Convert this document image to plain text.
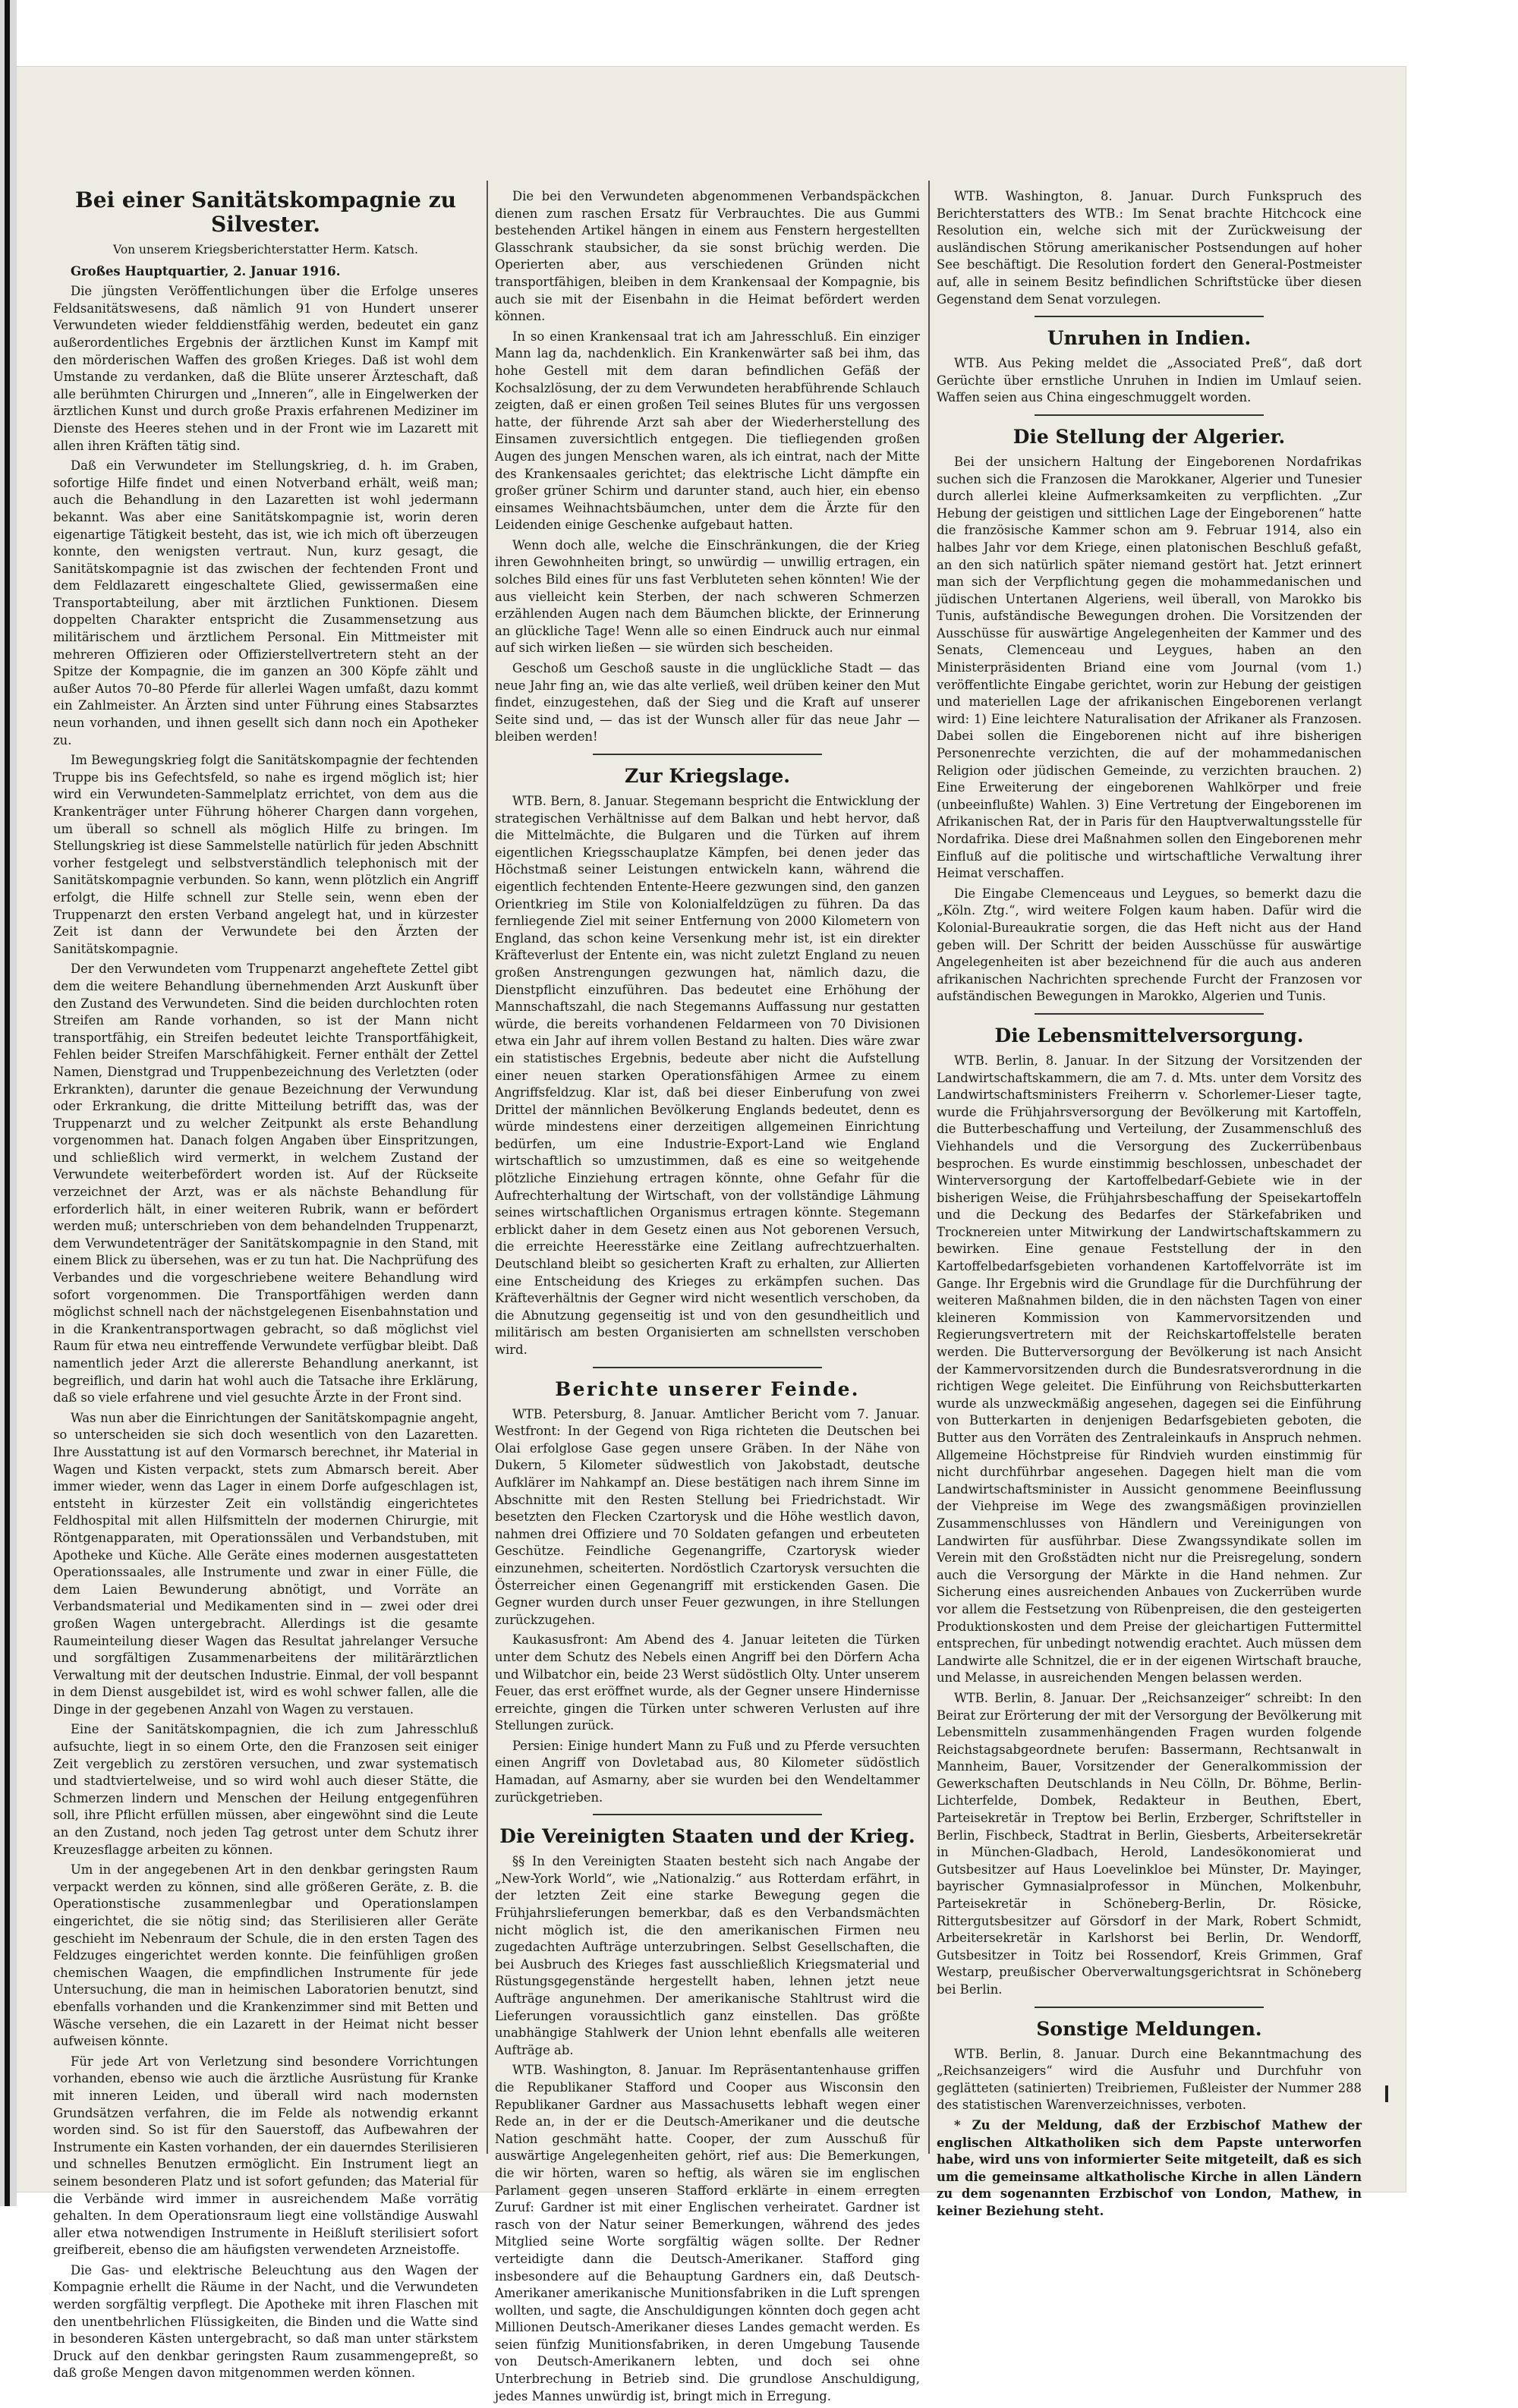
Bei einer Sanitätskompagnie zu Silvester.
Von unserem Kriegsberichterstatter Herm. Katsch.

Großes Hauptquartier, 2. Januar 1916.

Die jüngsten Veröffentlichungen über die Erfolge unseres Feldsanitätswesens, daß nämlich 91 von Hundert unserer Verwundeten wieder felddienstfähig werden, bedeutet ein ganz außerordentliches Ergebnis der ärztlichen Kunst im Kampf mit den mörderischen Waffen des großen Krieges. Daß ist wohl dem Umstande zu verdanken, daß die Blüte unserer Ärzteschaft, daß alle berühmten Chirurgen und „Inneren“, alle in Eingelwerken der ärztlichen Kunst und durch große Praxis erfahrenen Mediziner im Dienste des Heeres stehen und in der Front wie im Lazarett mit allen ihren Kräften tätig sind.

Daß ein Verwundeter im Stellungskrieg, d. h. im Graben, sofortige Hilfe findet und einen Notverband erhält, weiß man; auch die Behandlung in den Lazaretten ist wohl jedermann bekannt. Was aber eine Sanitätskompagnie ist, worin deren eigenartige Tätigkeit besteht, das ist, wie ich mich oft überzeugen konnte, den wenigsten vertraut. Nun, kurz gesagt, die Sanitätskompagnie ist das zwischen der fechtenden Front und dem Feldlazarett eingeschaltete Glied, gewissermaßen eine Transportabteilung, aber mit ärztlichen Funktionen. Diesem doppelten Charakter entspricht die Zusammensetzung aus militärischem und ärztlichem Personal. Ein Mittmeister mit mehreren Offizieren oder Offizierstellvertretern steht an der Spitze der Kompagnie, die im ganzen an 300 Köpfe zählt und außer Autos 70–80 Pferde für allerlei Wagen umfaßt, dazu kommt ein Zahlmeister. An Ärzten sind unter Führung eines Stabsarztes neun vorhanden, und ihnen gesellt sich dann noch ein Apotheker zu.

Im Bewegungskrieg folgt die Sanitätskompagnie der fechtenden Truppe bis ins Gefechtsfeld, so nahe es irgend möglich ist; hier wird ein Verwundeten-Sammelplatz errichtet, von dem aus die Krankenträger unter Führung höherer Chargen dann vorgehen, um überall so schnell als möglich Hilfe zu bringen. Im Stellungskrieg ist diese Sammelstelle natürlich für jeden Abschnitt vorher festgelegt und selbstverständlich telephonisch mit der Sanitätskompagnie verbunden. So kann, wenn plötzlich ein Angriff erfolgt, die Hilfe schnell zur Stelle sein, wenn eben der Truppenarzt den ersten Verband angelegt hat, und in kürzester Zeit ist dann der Verwundete bei den Ärzten der Sanitätskompagnie.

Der den Verwundeten vom Truppenarzt angeheftete Zettel gibt dem die weitere Behandlung übernehmenden Arzt Auskunft über den Zustand des Verwundeten. Sind die beiden durchlochten roten Streifen am Rande vorhanden, so ist der Mann nicht transportfähig, ein Streifen bedeutet leichte Transportfähigkeit, Fehlen beider Streifen Marschfähigkeit. Ferner enthält der Zettel Namen, Dienstgrad und Truppenbezeichnung des Verletzten (oder Erkrankten), darunter die genaue Bezeichnung der Verwundung oder Erkrankung, die dritte Mitteilung betrifft das, was der Truppenarzt und zu welcher Zeitpunkt als erste Behandlung vorgenommen hat. Danach folgen Angaben über Einspritzungen, und schließlich wird vermerkt, in welchem Zustand der Verwundete weiterbefördert worden ist. Auf der Rückseite verzeichnet der Arzt, was er als nächste Behandlung für erforderlich hält, in einer weiteren Rubrik, wann er befördert werden muß; unterschrieben von dem behandelnden Truppenarzt, dem Verwundetenträger der Sanitätskompagnie in den Stand, mit einem Blick zu übersehen, was er zu tun hat. Die Nachprüfung des Verbandes und die vorgeschriebene weitere Behandlung wird sofort vorgenommen. Die Transportfähigen werden dann möglichst schnell nach der nächstgelegenen Eisenbahnstation und in die Krankentransportwagen gebracht, so daß möglichst viel Raum für etwa neu eintreffende Verwundete verfügbar bleibt. Daß namentlich jeder Arzt die allererste Behandlung anerkannt, ist begreiflich, und darin hat wohl auch die Tatsache ihre Erklärung, daß so viele erfahrene und viel gesuchte Ärzte in der Front sind.

Was nun aber die Einrichtungen der Sanitätskompagnie angeht, so unterscheiden sie sich doch wesentlich von den Lazaretten. Ihre Ausstattung ist auf den Vormarsch berechnet, ihr Material in Wagen und Kisten verpackt, stets zum Abmarsch bereit. Aber immer wieder, wenn das Lager in einem Dorfe aufgeschlagen ist, entsteht in kürzester Zeit ein vollständig eingerichtetes Feldhospital mit allen Hilfsmitteln der modernen Chirurgie, mit Röntgenapparaten, mit Operationssälen und Verbandstuben, mit Apotheke und Küche. Alle Geräte eines modernen ausgestatteten Operationssaales, alle Instrumente und zwar in einer Fülle, die dem Laien Bewunderung abnötigt, und Vorräte an Verbandsmaterial und Medikamenten sind in — zwei oder drei großen Wagen untergebracht. Allerdings ist die gesamte Raumeinteilung dieser Wagen das Resultat jahrelanger Versuche und sorgfältigen Zusammenarbeitens der militärärztlichen Verwaltung mit der deutschen Industrie. Einmal, der voll bespannt in dem Dienst ausgebildet ist, wird es wohl schwer fallen, alle die Dinge in der gegebenen Anzahl von Wagen zu verstauen.

Eine der Sanitätskompagnien, die ich zum Jahresschluß aufsuchte, liegt in so einem Orte, den die Franzosen seit einiger Zeit vergeblich zu zerstören versuchen, und zwar systematisch und stadtviertelweise, und so wird wohl auch dieser Stätte, die Schmerzen lindern und Menschen der Heilung entgegenführen soll, ihre Pflicht erfüllen müssen, aber eingewöhnt sind die Leute an den Zustand, noch jeden Tag getrost unter dem Schutz ihrer Kreuzesflagge arbeiten zu können.

Um in der angegebenen Art in den denkbar geringsten Raum verpackt werden zu können, sind alle größeren Geräte, z. B. die Operationstische zusammenlegbar und Operationslampen eingerichtet, die sie nötig sind; das Sterilisieren aller Geräte geschieht im Nebenraum der Schule, die in den ersten Tagen des Feldzuges eingerichtet werden konnte. Die feinfühligen großen chemischen Waagen, die empfindlichen Instrumente für jede Untersuchung, die man in heimischen Laboratorien benutzt, sind ebenfalls vorhanden und die Krankenzimmer sind mit Betten und Wäsche versehen, die ein Lazarett in der Heimat nicht besser aufweisen könnte.

Für jede Art von Verletzung sind besondere Vorrichtungen vorhanden, ebenso wie auch die ärztliche Ausrüstung für Kranke mit inneren Leiden, und überall wird nach modernsten Grundsätzen verfahren, die im Felde als notwendig erkannt worden sind. So ist für den Sauerstoff, das Aufbewahren der Instrumente ein Kasten vorhanden, der ein dauerndes Sterilisieren und schnelles Benutzen ermöglicht. Ein Instrument liegt an seinem besonderen Platz und ist sofort gefunden; das Material für die Verbände wird immer in ausreichendem Maße vorrätig gehalten. In dem Operationsraum liegt eine vollständige Auswahl aller etwa notwendigen Instrumente in Heißluft sterilisiert sofort greifbereit, ebenso die am häufigsten verwendeten Arzneistoffe.

Die Gas- und elektrische Beleuchtung aus den Wagen der Kompagnie erhellt die Räume in der Nacht, und die Verwundeten werden sorgfältig verpflegt. Die Apotheke mit ihren Flaschen mit den unentbehrlichen Flüssigkeiten, die Binden und die Watte sind in besonderen Kästen untergebracht, so daß man unter stärkstem Druck auf den denkbar geringsten Raum zusammengepreßt, so daß große Mengen davon mitgenommen werden können.

Die bei den Verwundeten abgenommenen Verbandspäckchen dienen zum raschen Ersatz für Verbrauchtes. Die aus Gummi bestehenden Artikel hängen in einem aus Fenstern hergestellten Glasschrank staubsicher, da sie sonst brüchig werden. Die Operierten aber, aus verschiedenen Gründen nicht transportfähigen, bleiben in dem Krankensaal der Kompagnie, bis auch sie mit der Eisenbahn in die Heimat befördert werden können.

In so einen Krankensaal trat ich am Jahresschluß. Ein einziger Mann lag da, nachdenklich. Ein Krankenwärter saß bei ihm, das hohe Gestell mit dem daran befindlichen Gefäß der Kochsalzlösung, der zu dem Verwundeten herabführende Schlauch zeigten, daß er einen großen Teil seines Blutes für uns vergossen hatte, der führende Arzt sah aber der Wiederherstellung des Einsamen zuversichtlich entgegen. Die tiefliegenden großen Augen des jungen Menschen waren, als ich eintrat, nach der Mitte des Krankensaales gerichtet; das elektrische Licht dämpfte ein großer grüner Schirm und darunter stand, auch hier, ein ebenso einsames Weihnachtsbäumchen, unter dem die Ärzte für den Leidenden einige Geschenke aufgebaut hatten.

Wenn doch alle, welche die Einschränkungen, die der Krieg ihren Gewohnheiten bringt, so unwürdig — unwillig ertragen, ein solches Bild eines für uns fast Verbluteten sehen könnten! Wie der aus vielleicht kein Sterben, der nach schweren Schmerzen erzählenden Augen nach dem Bäumchen blickte, der Erinnerung an glückliche Tage! Wenn alle so einen Eindruck auch nur einmal auf sich wirken ließen — sie würden sich bescheiden.

Geschoß um Geschoß sauste in die unglückliche Stadt — das neue Jahr fing an, wie das alte verließ, weil drüben keiner den Mut findet, einzugestehen, daß der Sieg und die Kraft auf unserer Seite sind und, — das ist der Wunsch aller für das neue Jahr — bleiben werden!

Zur Kriegslage.

WTB. Bern, 8. Januar. Stegemann bespricht die Entwicklung der strategischen Verhältnisse auf dem Balkan und hebt hervor, daß die Mittelmächte, die Bulgaren und die Türken auf ihrem eigentlichen Kriegsschauplatze Kämpfen, bei denen jeder das Höchstmaß seiner Leistungen entwickeln kann, während die eigentlich fechtenden Entente-Heere gezwungen sind, den ganzen Orientkrieg im Stile von Kolonialfeldzügen zu führen. Da das fernliegende Ziel mit seiner Entfernung von 2000 Kilometern von England, das schon keine Versenkung mehr ist, ist ein direkter Kräfteverlust der Entente ein, was nicht zuletzt England zu neuen großen Anstrengungen gezwungen hat, nämlich dazu, die Dienstpflicht einzuführen. Das bedeutet eine Erhöhung der Mannschaftszahl, die nach Stegemanns Auffassung nur gestatten würde, die bereits vorhandenen Feldarmeen von 70 Divisionen etwa ein Jahr auf ihrem vollen Bestand zu halten. Dies wäre zwar ein statistisches Ergebnis, bedeute aber nicht die Aufstellung einer neuen starken Operationsfähigen Armee zu einem Angriffsfeldzug. Klar ist, daß bei dieser Einberufung von zwei Drittel der männlichen Bevölkerung Englands bedeutet, denn es würde mindestens einer derzeitigen allgemeinen Einrichtung bedürfen, um eine Industrie-Export-Land wie England wirtschaftlich so umzustimmen, daß es eine so weitgehende plötzliche Einziehung ertragen könnte, ohne Gefahr für die Aufrechterhaltung der Wirtschaft, von der vollständige Lähmung seines wirtschaftlichen Organismus ertragen könnte. Stegemann erblickt daher in dem Gesetz einen aus Not geborenen Versuch, die erreichte Heeresstärke eine Zeitlang aufrechtzuerhalten. Deutschland bleibt so gesicherten Kraft zu erhalten, zur Allierten eine Entscheidung des Krieges zu erkämpfen suchen. Das Kräfteverhältnis der Gegner wird nicht wesentlich verschoben, da die Abnutzung gegenseitig ist und von den gesundheitlich und militärisch am besten Organisierten am schnellsten verschoben wird.

Berichte unserer Feinde.

WTB. Petersburg, 8. Januar. Amtlicher Bericht vom 7. Januar. Westfront: In der Gegend von Riga richteten die Deutschen bei Olai erfolglose Gase gegen unsere Gräben. In der Nähe von Dukern, 5 Kilometer südwestlich von Jakobstadt, deutsche Aufklärer im Nahkampf an. Diese bestätigen nach ihrem Sinne im Abschnitte mit den Resten Stellung bei Friedrichstadt. Wir besetzten den Flecken Czartorysk und die Höhe westlich davon, nahmen drei Offiziere und 70 Soldaten gefangen und erbeuteten Geschütze. Feindliche Gegenangriffe, Czartorysk wieder einzunehmen, scheiterten. Nordöstlich Czartorysk versuchten die Österreicher einen Gegenangriff mit erstickenden Gasen. Die Gegner wurden durch unser Feuer gezwungen, in ihre Stellungen zurückzugehen.

Kaukasusfront: Am Abend des 4. Januar leiteten die Türken unter dem Schutz des Nebels einen Angriff bei den Dörfern Acha und Wilbatchor ein, beide 23 Werst südöstlich Olty. Unter unserem Feuer, das erst eröffnet wurde, als der Gegner unsere Hindernisse erreichte, gingen die Türken unter schweren Verlusten auf ihre Stellungen zurück.

Persien: Einige hundert Mann zu Fuß und zu Pferde versuchten einen Angriff von Dovletabad aus, 80 Kilometer südöstlich Hamadan, auf Asmarny, aber sie wurden bei den Wendeltammer zurückgetrieben.

Die Vereinigten Staaten und der Krieg.

§§ In den Vereinigten Staaten besteht sich nach Angabe der „New-York World“, wie „Nationalzig.“ aus Rotterdam erfährt, in der letzten Zeit eine starke Bewegung gegen die Frühjahrslieferungen bemerkbar, daß es den Verbandsmächten nicht möglich ist, die den amerikanischen Firmen neu zugedachten Aufträge unterzubringen. Selbst Gesellschaften, die bei Ausbruch des Krieges fast ausschließlich Kriegsmaterial und Rüstungsgegenstände hergestellt haben, lehnen jetzt neue Aufträge angunehmen. Der amerikanische Stahltrust wird die Lieferungen voraussichtlich ganz einstellen. Das größte unabhängige Stahlwerk der Union lehnt ebenfalls alle weiteren Aufträge ab.

WTB. Washington, 8. Januar. Im Repräsentantenhause griffen die Republikaner Stafford und Cooper aus Wisconsin den Republikaner Gardner aus Massachusetts lebhaft wegen einer Rede an, in der er die Deutsch-Amerikaner und die deutsche Nation geschmäht hatte. Cooper, der zum Ausschuß für auswärtige Angelegenheiten gehört, rief aus: Die Bemerkungen, die wir hörten, waren so heftig, als wären sie im englischen Parlament gegen unseren Stafford erklärte in einem erregten Zuruf: Gardner ist mit einer Englischen verheiratet. Gardner ist rasch von der Natur seiner Bemerkungen, während des jedes Mitglied seine Worte sorgfältig wägen sollte. Der Redner verteidigte dann die Deutsch-Amerikaner. Stafford ging insbesondere auf die Behauptung Gardners ein, daß Deutsch-Amerikaner amerikanische Munitionsfabriken in die Luft sprengen wollten, und sagte, die Anschuldigungen könnten doch gegen acht Millionen Deutsch-Amerikaner dieses Landes gemacht werden. Es seien fünfzig Munitionsfabriken, in deren Umgebung Tausende von Deutsch-Amerikanern lebten, und doch sei ohne Unterbrechung in Betrieb sind. Die grundlose Anschuldigung, jedes Mannes unwürdig ist, bringt mich in Erregung.

WTB. Washington, 8. Januar. Durch Funkspruch des Berichterstatters des WTB.: Im Senat brachte Hitchcock eine Resolution ein, welche sich mit der Zurückweisung der ausländischen Störung amerikanischer Postsendungen auf hoher See beschäftigt. Die Resolution fordert den General-Postmeister auf, alle in seinem Besitz befindlichen Schriftstücke über diesen Gegenstand dem Senat vorzulegen.

Unruhen in Indien.

WTB. Aus Peking meldet die „Associated Preß“, daß dort Gerüchte über ernstliche Unruhen in Indien im Umlauf seien. Waffen seien aus China eingeschmuggelt worden.

Die Stellung der Algerier.

Bei der unsichern Haltung der Eingeborenen Nordafrikas suchen sich die Franzosen die Marokkaner, Algerier und Tunesier durch allerlei kleine Aufmerksamkeiten zu verpflichten. „Zur Hebung der geistigen und sittlichen Lage der Eingeborenen“ hatte die französische Kammer schon am 9. Februar 1914, also ein halbes Jahr vor dem Kriege, einen platonischen Beschluß gefaßt, an den sich natürlich später niemand gestört hat. Jetzt erinnert man sich der Verpflichtung gegen die mohammedanischen und jüdischen Untertanen Algeriens, weil überall, von Marokko bis Tunis, aufständische Bewegungen drohen. Die Vorsitzenden der Ausschüsse für auswärtige Angelegenheiten der Kammer und des Senats, Clemenceau und Leygues, haben an den Ministerpräsidenten Briand eine vom Journal (vom 1.) veröffentlichte Eingabe gerichtet, worin zur Hebung der geistigen und materiellen Lage der afrikanischen Eingeborenen verlangt wird: 1) Eine leichtere Naturalisation der Afrikaner als Franzosen. Dabei sollen die Eingeborenen nicht auf ihre bisherigen Personenrechte verzichten, die auf der mohammedanischen Religion oder jüdischen Gemeinde, zu verzichten brauchen. 2) Eine Erweiterung der eingeborenen Wahlkörper und freie (unbeeinflußte) Wahlen. 3) Eine Vertretung der Eingeborenen im Afrikanischen Rat, der in Paris für den Hauptverwaltungsstelle für Nordafrika. Diese drei Maßnahmen sollen den Eingeborenen mehr Einfluß auf die politische und wirtschaftliche Verwaltung ihrer Heimat verschaffen.

Die Eingabe Clemenceaus und Leygues, so bemerkt dazu die „Köln. Ztg.“, wird weitere Folgen kaum haben. Dafür wird die Kolonial-Bureaukratie sorgen, die das Heft nicht aus der Hand geben will. Der Schritt der beiden Ausschüsse für auswärtige Angelegenheiten ist aber bezeichnend für die auch aus anderen afrikanischen Nachrichten sprechende Furcht der Franzosen vor aufständischen Bewegungen in Marokko, Algerien und Tunis.

Die Lebensmittelversorgung.

WTB. Berlin, 8. Januar. In der Sitzung der Vorsitzenden der Landwirtschaftskammern, die am 7. d. Mts. unter dem Vorsitz des Landwirtschaftsministers Freiherrn v. Schorlemer-Lieser tagte, wurde die Frühjahrsversorgung der Bevölkerung mit Kartoffeln, die Butterbeschaffung und Verteilung, der Zusammenschluß des Viehhandels und die Versorgung des Zuckerrübenbaus besprochen. Es wurde einstimmig beschlossen, unbeschadet der Winterversorgung der Kartoffelbedarf-Gebiete wie in der bisherigen Weise, die Frühjahrsbeschaffung der Speisekartoffeln und die Deckung des Bedarfes der Stärkefabriken und Trocknereien unter Mitwirkung der Landwirtschaftskammern zu bewirken. Eine genaue Feststellung der in den Kartoffelbedarfsgebieten vorhandenen Kartoffelvorräte ist im Gange. Ihr Ergebnis wird die Grundlage für die Durchführung der weiteren Maßnahmen bilden, die in den nächsten Tagen von einer kleineren Kommission von Kammervorsitzenden und Regierungsvertretern mit der Reichskartoffelstelle beraten werden. Die Butterversorgung der Bevölkerung ist nach Ansicht der Kammervorsitzenden durch die Bundesratsverordnung in die richtigen Wege geleitet. Die Einführung von Reichsbutterkarten wurde als unzweckmäßig angesehen, dagegen sei die Einführung von Butterkarten in denjenigen Bedarfsgebieten geboten, die Butter aus den Vorräten des Zentraleinkaufs in Anspruch nehmen. Allgemeine Höchstpreise für Rindvieh wurden einstimmig für nicht durchführbar angesehen. Dagegen hielt man die vom Landwirtschaftsminister in Aussicht genommene Beeinflussung der Viehpreise im Wege des zwangsmäßigen provinziellen Zusammenschlusses von Händlern und Vereinigungen von Landwirten für ausführbar. Diese Zwangssyndikate sollen im Verein mit den Großstädten nicht nur die Preisregelung, sondern auch die Versorgung der Märkte in die Hand nehmen. Zur Sicherung eines ausreichenden Anbaues von Zuckerrüben wurde vor allem die Festsetzung von Rübenpreisen, die den gesteigerten Produktionskosten und dem Preise der gleichartigen Futtermittel entsprechen, für unbedingt notwendig erachtet. Auch müssen dem Landwirte alle Schnitzel, die er in der eigenen Wirtschaft brauche, und Melasse, in ausreichenden Mengen belassen werden.

WTB. Berlin, 8. Januar. Der „Reichsanzeiger“ schreibt: In den Beirat zur Erörterung der mit der Versorgung der Bevölkerung mit Lebensmitteln zusammenhängenden Fragen wurden folgende Reichstagsabgeordnete berufen: Bassermann, Rechtsanwalt in Mannheim, Bauer, Vorsitzender der Generalkommission der Gewerkschaften Deutschlands in Neu Cölln, Dr. Böhme, Berlin-Lichterfelde, Dombek, Redakteur in Beuthen, Ebert, Parteisekretär in Treptow bei Berlin, Erzberger, Schriftsteller in Berlin, Fischbeck, Stadtrat in Berlin, Giesberts, Arbeitersekretär in München-Gladbach, Herold, Landesökonomierat und Gutsbesitzer auf Haus Loevelinkloe bei Münster, Dr. Mayinger, bayrischer Gymnasialprofessor in München, Molkenbuhr, Parteisekretär in Schöneberg-Berlin, Dr. Rösicke, Rittergutsbesitzer auf Görsdorf in der Mark, Robert Schmidt, Arbeitersekretär in Karlshorst bei Berlin, Dr. Wendorff, Gutsbesitzer in Toitz bei Rossendorf, Kreis Grimmen, Graf Westarp, preußischer Oberverwaltungsgerichtsrat in Schöneberg bei Berlin.

Sonstige Meldungen.

WTB. Berlin, 8. Januar. Durch eine Bekanntmachung des „Reichsanzeigers“ wird die Ausfuhr und Durchfuhr von geglätteten (satinierten) Treibriemen, Fußleister der Nummer 288 des statistischen Warenverzeichnisses, verboten.

* Zu der Meldung, daß der Erzbischof Mathew der englischen Altkatholiken sich dem Papste unterworfen habe, wird uns von informierter Seite mitgeteilt, daß es sich um die gemeinsame altkatholische Kirche in allen Ländern zu dem sogenannten Erzbischof von London, Mathew, in keiner Beziehung steht.
